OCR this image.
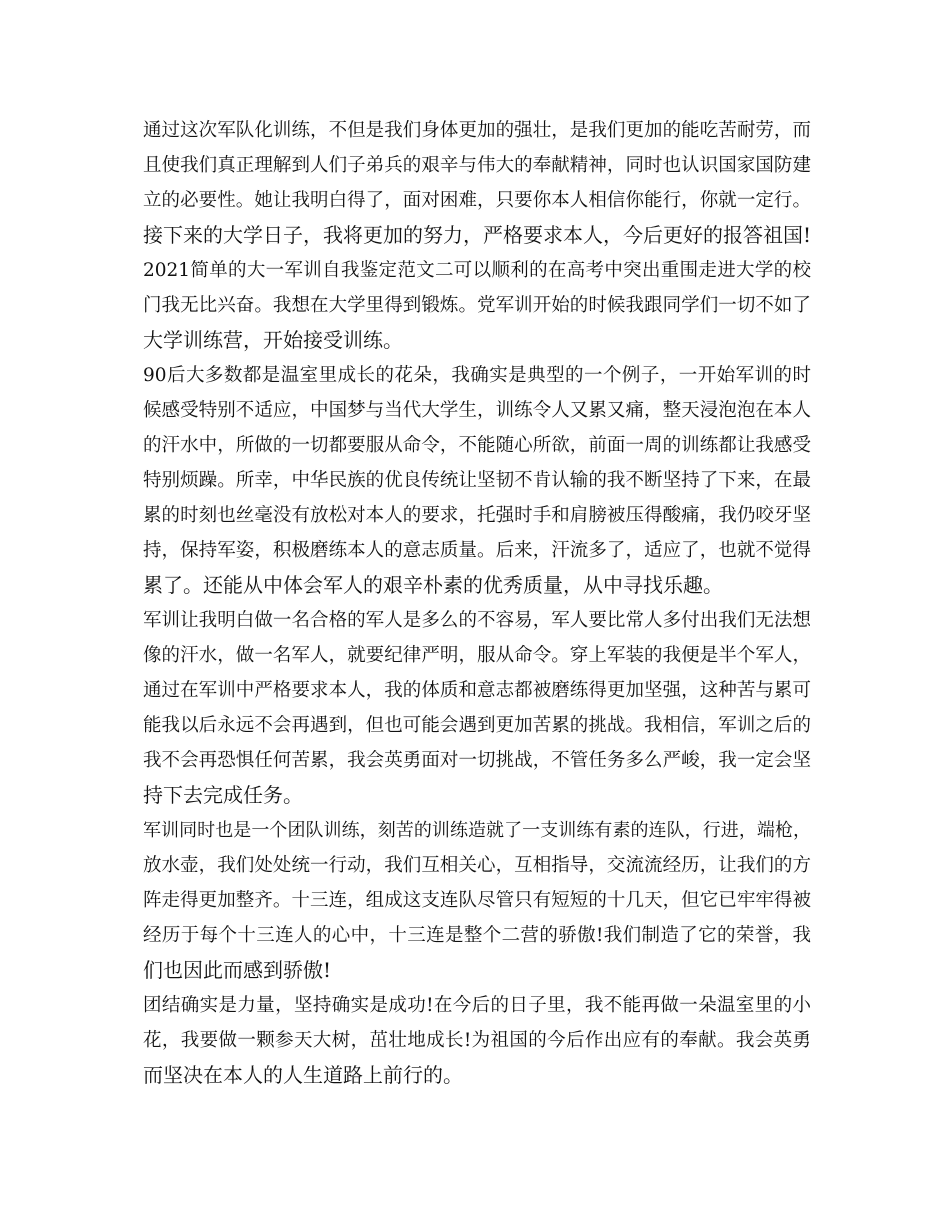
通过这次军队化训练，不但是我们身体更加的强壮，是我们更加的能吃苦耐劳，而
且使我们真正理解到人们子弟兵的艰辛与伟大的奉献精神，同时也认识国家国防建
立的必要性。她让我明白得了，面对困难，只要你本人相信你能行，你就一定行。
接下来的大学日子，我将更加的努力，严格要求本人，今后更好的报答祖国!
2021简单的大一军训自我鉴定范文二可以顺利的在高考中突出重围走进大学的校
门我无比兴奋。我想在大学里得到锻炼。党军训开始的时候我跟同学们一切不如了
大学训练营，开始接受训练。
90后大多数都是温室里成长的花朵，我确实是典型的一个例子，一开始军训的时
候感受特别不适应，中国梦与当代大学生，训练令人又累又痛，整天浸泡泡在本人
的汗水中，所做的一切都要服从命令，不能随心所欲，前面一周的训练都让我感受
特别烦躁。所幸，中华民族的优良传统让坚韧不肯认输的我不断坚持了下来，在最
累的时刻也丝毫没有放松对本人的要求，托强时手和肩膀被压得酸痛，我仍咬牙坚
持，保持军姿，积极磨练本人的意志质量。后来，汗流多了，适应了，也就不觉得
累了。还能从中体会军人的艰辛朴素的优秀质量，从中寻找乐趣。
军训让我明白做一名合格的军人是多么的不容易，军人要比常人多付出我们无法想
像的汗水，做一名军人，就要纪律严明，服从命令。穿上军装的我便是半个军人，
通过在军训中严格要求本人，我的体质和意志都被磨练得更加坚强，这种苦与累可
能我以后永远不会再遇到，但也可能会遇到更加苦累的挑战。我相信，军训之后的
我不会再恐惧任何苦累，我会英勇面对一切挑战，不管任务多么严峻，我一定会坚
持下去完成任务。
军训同时也是一个团队训练，刻苦的训练造就了一支训练有素的连队，行进，端枪，
放水壶，我们处处统一行动，我们互相关心，互相指导，交流流经历，让我们的方
阵走得更加整齐。十三连，组成这支连队尽管只有短短的十几天，但它已牢牢得被
经历于每个十三连人的心中，十三连是整个二营的骄傲!我们制造了它的荣誉，我
们也因此而感到骄傲!
团结确实是力量，坚持确实是成功!在今后的日子里，我不能再做一朵温室里的小
花，我要做一颗参天大树，茁壮地成长!为祖国的今后作出应有的奉献。我会英勇
而坚决在本人的人生道路上前行的。
